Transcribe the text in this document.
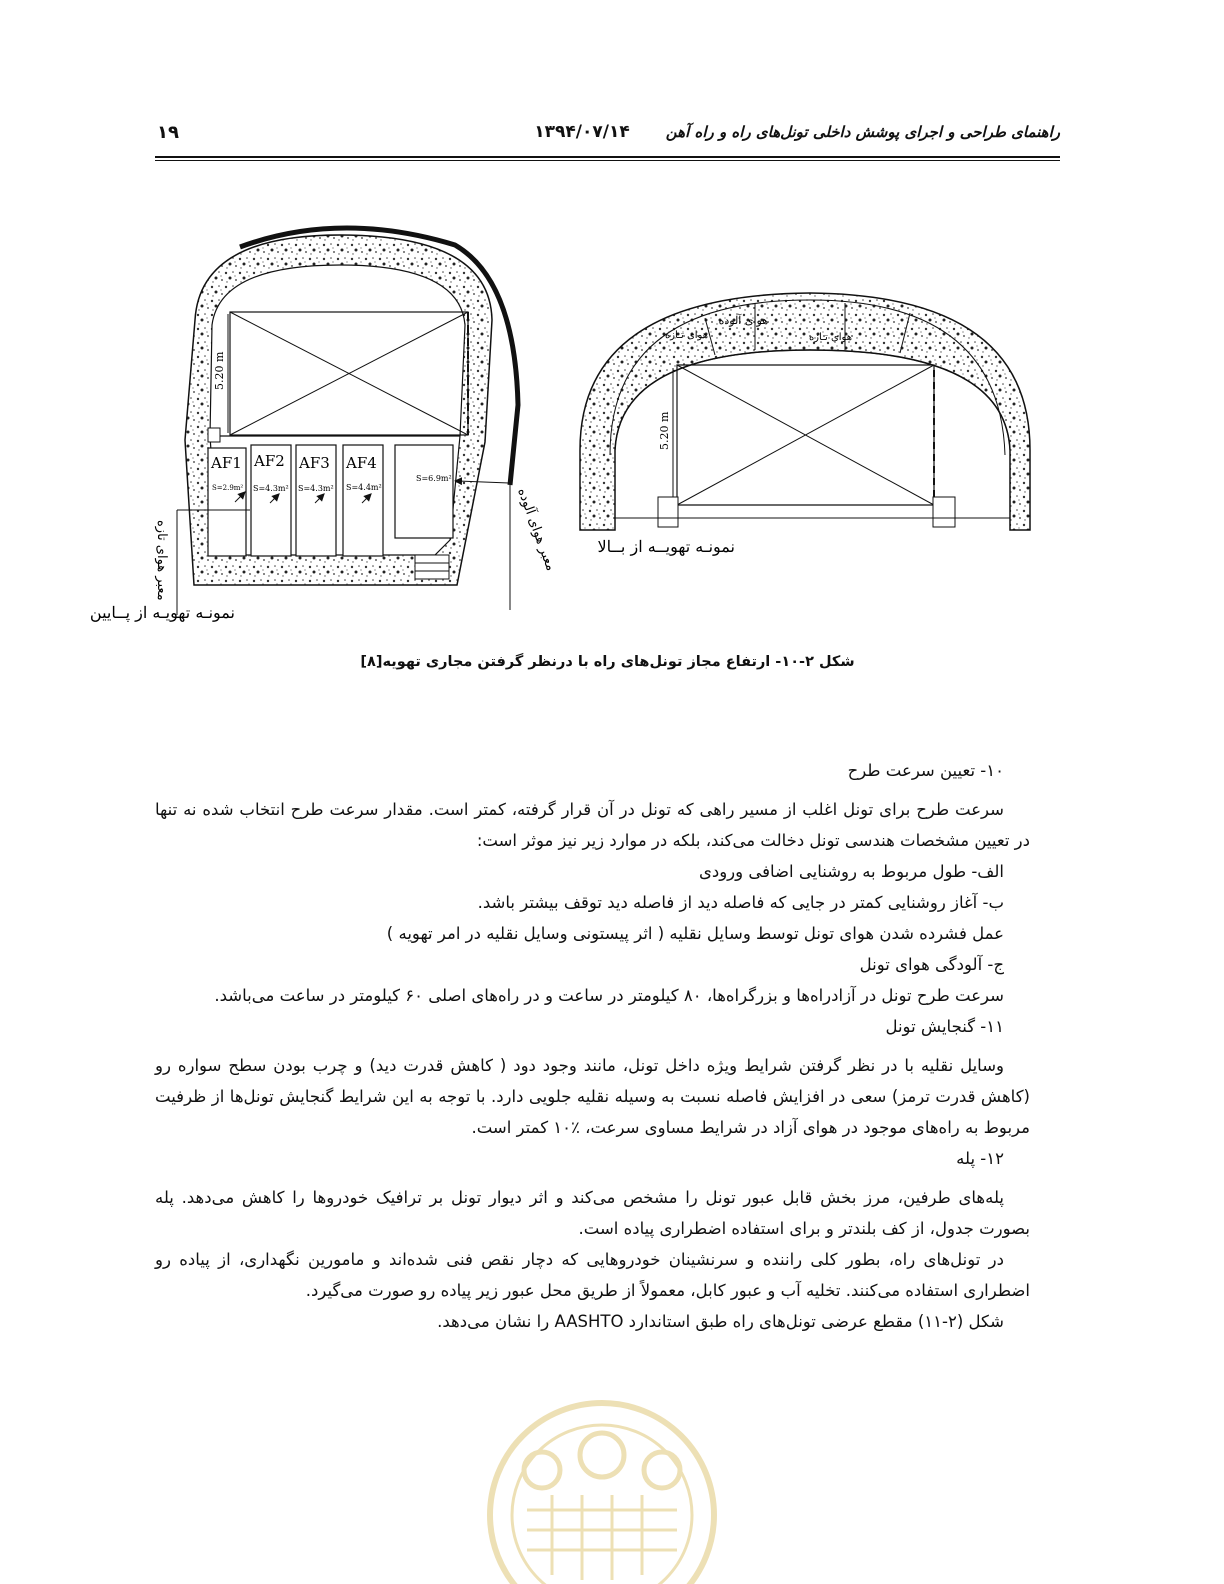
۱۹	۱۳۹۴/۰۷/۱۴	راهنمای طراحی و اجرای پوشش داخلی تونل‌های راه و راه آهن
5.20 m
AF1 AF2 AF3 AF4
S=2.9m² S=4.3m² S=4.3m² S=4.4m²
S=6.9m²
معبر هوای تازه	معبر هوای آلوده
نمونـه تهویـه از پــایین
هوای آلوده
هوای تـازه	هوای تـازه
5.20 m
نمونـه تهویــه از بــالا
شکل ۲-۱۰- ارتفاع مجاز تونل‌های راه با درنظر گرفتن مجاری تهویه[۸]

۱۰- تعیین سرعت طرح

سرعت طرح برای تونل اغلب از مسیر راهی که تونل در آن قرار گرفته، کمتر است. مقدار سرعت طرح انتخاب شده نه تنها در تعیین مشخصات هندسی تونل دخالت می‌کند، بلکه در موارد زیر نیز موثر است:

الف- طول مربوط به روشنایی اضافی ورودی

ب- آغاز روشنایی کمتر در جایی که فاصله دید از فاصله دید توقف بیشتر باشد.

عمل فشرده شدن هوای تونل توسط وسایل نقلیه ( اثر پیستونی وسایل نقلیه در امر تهویه )

ج- آلودگی هوای تونل

سرعت طرح تونل در آزادراه‌ها و بزرگراه‌ها، ۸۰ کیلومتر در ساعت و در راه‌های اصلی ۶۰ کیلومتر در ساعت می‌باشد.

۱۱- گنجایش تونل

وسایل نقلیه با در نظر گرفتن شرایط ویژه داخل تونل، مانند وجود دود ( کاهش قدرت دید) و چرب بودن سطح سواره رو (کاهش قدرت ترمز) سعی در افزایش فاصله نسبت به وسیله نقلیه جلویی دارد. با توجه به این شرایط گنجایش تونل‌ها از ظرفیت مربوط به راه‌های موجود در هوای آزاد در شرایط مساوی سرعت، ٪۱۰ کمتر است.

۱۲- پله

پله‌های طرفین، مرز بخش قابل عبور تونل را مشخص می‌کند و اثر دیوار تونل بر ترافیک خودروها را کاهش می‌دهد. پله بصورت جدول، از کف بلندتر و برای استفاده اضطراری پیاده است.

در تونل‌های راه، بطور کلی راننده و سرنشینان خودروهایی که دچار نقص فنی شده‌اند و مامورین نگهداری، از پیاده رو اضطراری استفاده می‌کنند. تخلیه آب و عبور کابل، معمولاً از طریق محل عبور زیر پیاده رو صورت می‌گیرد.

شکل (۲-۱۱) مقطع عرضی تونل‌های راه طبق استاندارد AASHTO را نشان می‌دهد.
